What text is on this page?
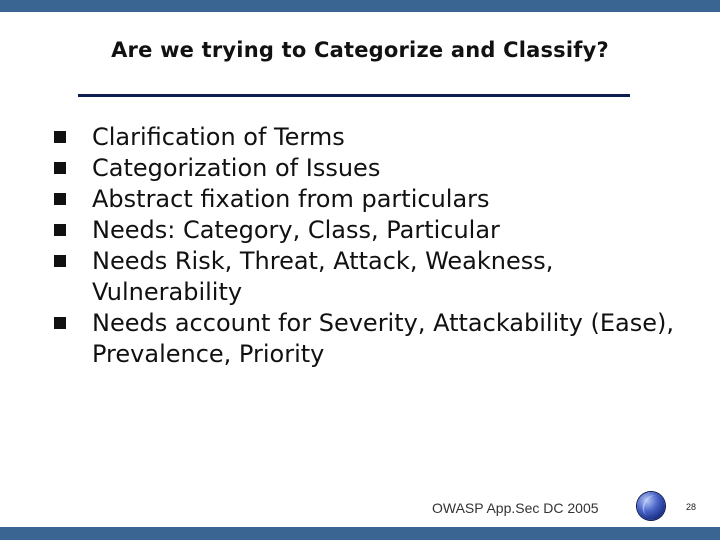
Are we trying to Categorize and Classify?
Clarification of Terms
Categorization of Issues
Abstract fixation from particulars
Needs: Category, Class, Particular
Needs Risk, Threat, Attack, Weakness, Vulnerability
Needs account for Severity, Attackability (Ease), Prevalence, Priority
OWASP App.Sec DC 2005	28
